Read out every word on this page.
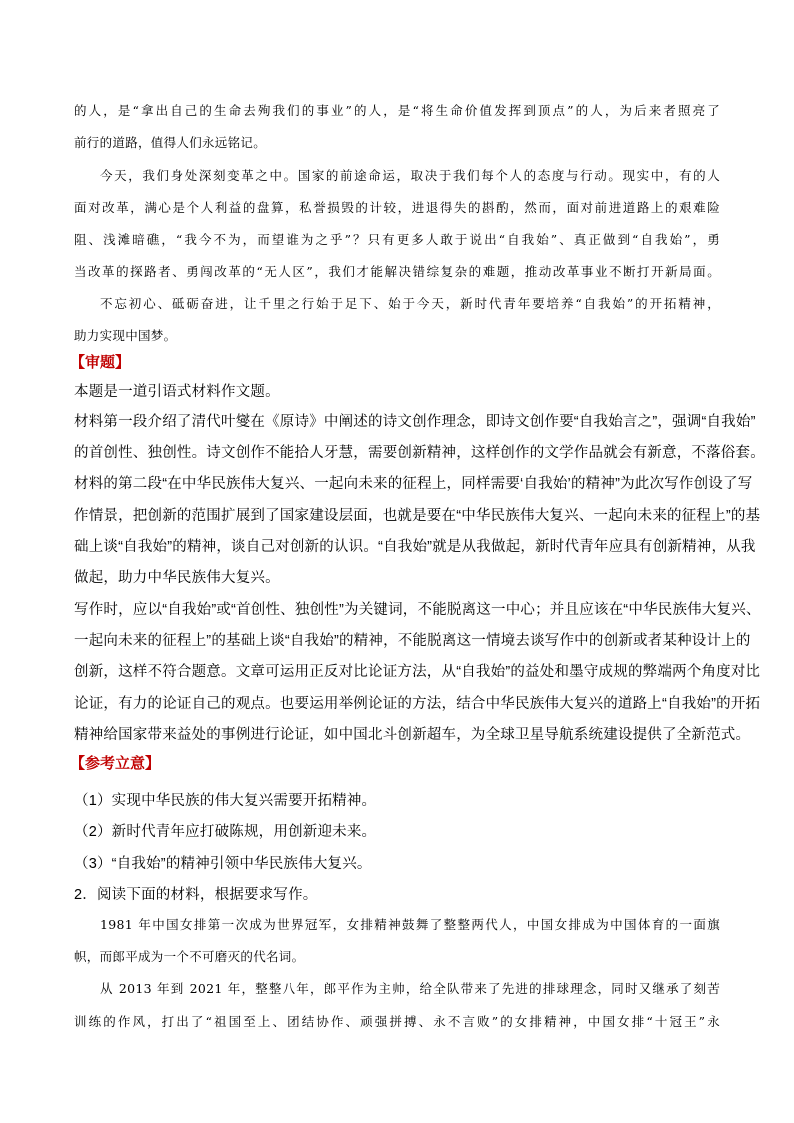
的人，是“拿出自己的生命去殉我们的事业”的人，是“将生命价值发挥到顶点”的人，为后来者照亮了
前行的道路，值得人们永远铭记。
今天，我们身处深刻变革之中。国家的前途命运，取决于我们每个人的态度与行动。现实中，有的人
面对改革，满心是个人利益的盘算，私誉损毁的计较，进退得失的斟酌，然而，面对前进道路上的艰难险
阻、浅滩暗礁，“我今不为，而望谁为之乎”？只有更多人敢于说出“自我始”、真正做到“自我始”，勇
当改革的探路者、勇闯改革的“无人区”，我们才能解决错综复杂的难题，推动改革事业不断打开新局面。
不忘初心、砥砺奋进，让千里之行始于足下、始于今天，新时代青年要培养“自我始”的开拓精神，
助力实现中国梦。
【审题】
本题是一道引语式材料作文题。
材料第一段介绍了清代叶燮在《原诗》中阐述的诗文创作理念，即诗文创作要“自我始言之”，强调“自我始”
的首创性、独创性。诗文创作不能拾人牙慧，需要创新精神，这样创作的文学作品就会有新意，不落俗套。
材料的第二段“在中华民族伟大复兴、一起向未来的征程上，同样需要‘自我始’的精神”为此次写作创设了写
作情景，把创新的范围扩展到了国家建设层面，也就是要在“中华民族伟大复兴、一起向未来的征程上”的基
础上谈“自我始”的精神，谈自己对创新的认识。“自我始”就是从我做起，新时代青年应具有创新精神，从我
做起，助力中华民族伟大复兴。
写作时，应以“自我始”或“首创性、独创性”为关键词，不能脱离这一中心；并且应该在“中华民族伟大复兴、
一起向未来的征程上”的基础上谈“自我始”的精神，不能脱离这一情境去谈写作中的创新或者某种设计上的
创新，这样不符合题意。文章可运用正反对比论证方法，从“自我始”的益处和墨守成规的弊端两个角度对比
论证，有力的论证自己的观点。也要运用举例论证的方法，结合中华民族伟大复兴的道路上“自我始”的开拓
精神给国家带来益处的事例进行论证，如中国北斗创新超车，为全球卫星导航系统建设提供了全新范式。
【参考立意】
（1）实现中华民族的伟大复兴需要开拓精神。
（2）新时代青年应打破陈规，用创新迎未来。
（3）“自我始”的精神引领中华民族伟大复兴。
2．阅读下面的材料，根据要求写作。
1981 年中国女排第一次成为世界冠军，女排精神鼓舞了整整两代人，中国女排成为中国体育的一面旗
帜，而郎平成为一个不可磨灭的代名词。
从 2013 年到 2021 年，整整八年，郎平作为主帅，给全队带来了先进的排球理念，同时又继承了刻苦
训练的作风，打出了“祖国至上、团结协作、顽强拼搏、永不言败”的女排精神，中国女排“十冠王”永
